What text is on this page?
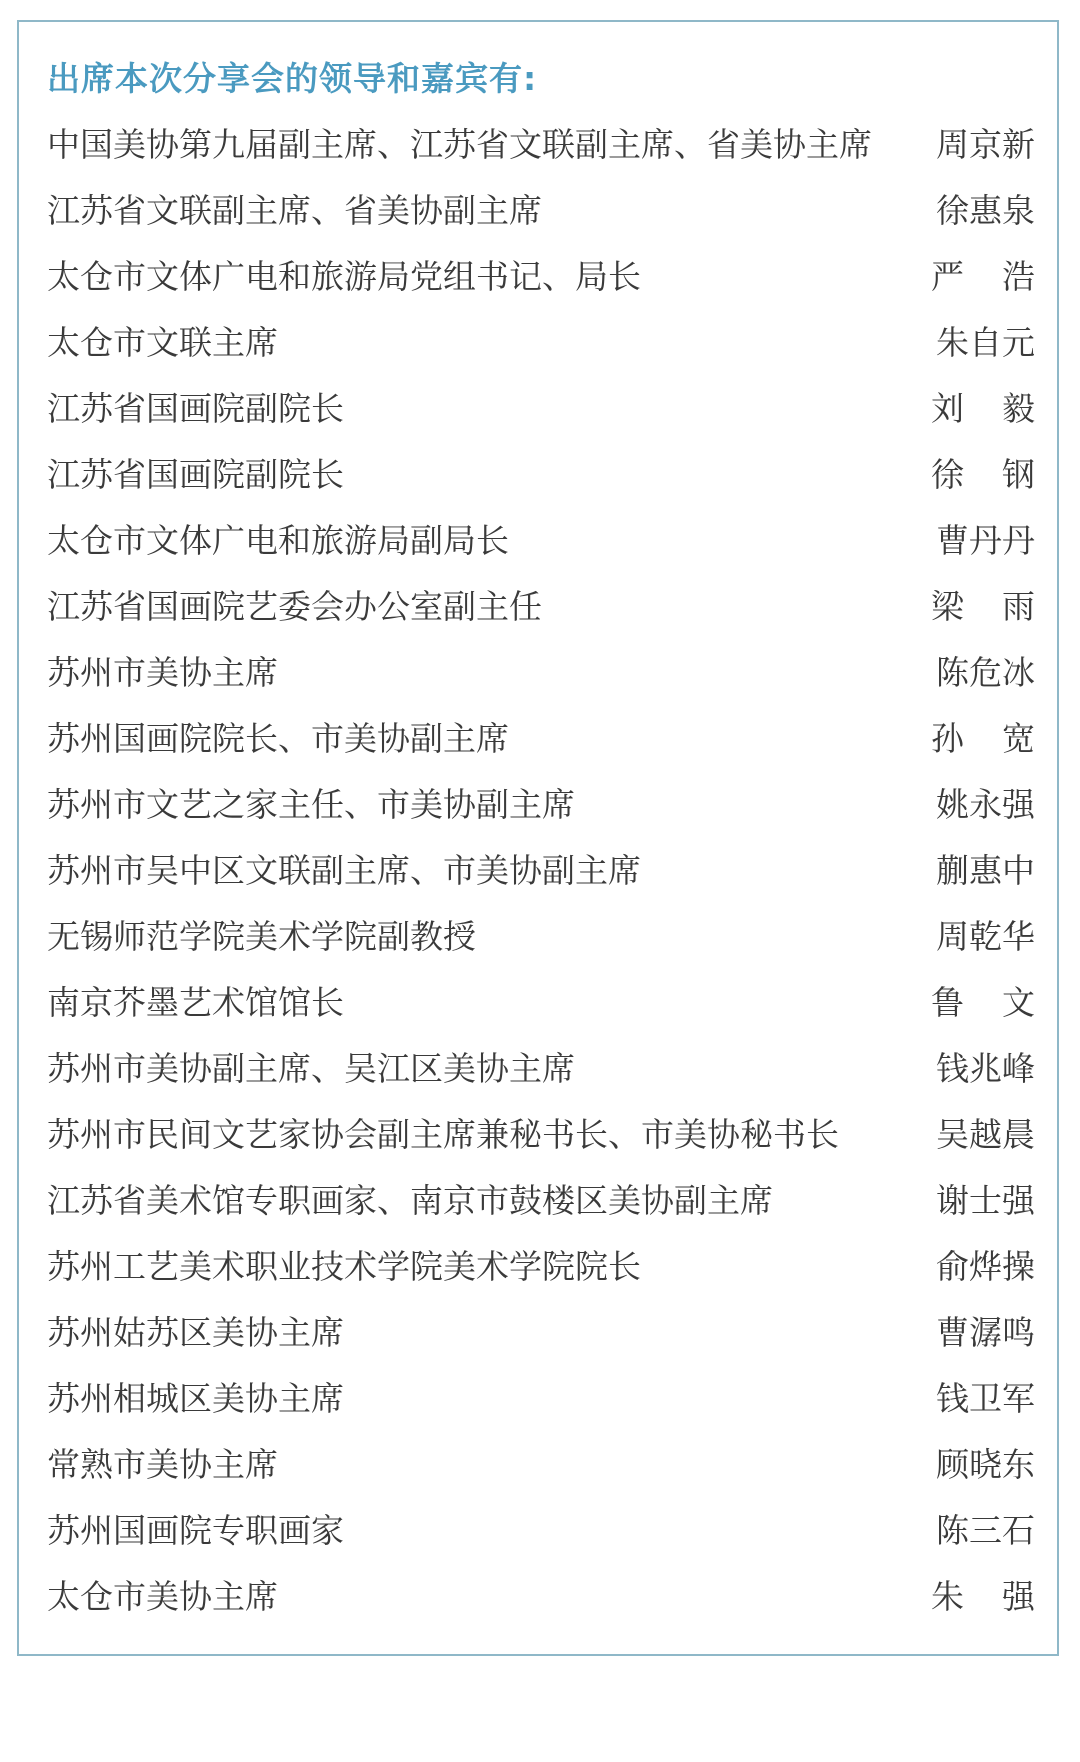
出席本次分享会的领导和嘉宾有:
中国美协第九届副主席、江苏省文联副主席、省美协主席 周京新
江苏省文联副主席、省美协副主席	徐惠泉
太仓市文体广电和旅游局党组书记、局长	严 浩
太仓市文联主席	朱自元
江苏省国画院副院长	刘 毅
江苏省国画院副院长	徐 钢
太仓市文体广电和旅游局副局长	曹丹丹
江苏省国画院艺委会办公室副主任	梁 雨
苏州市美协主席	陈危冰
苏州国画院院长、市美协副主席	孙 宽
苏州市文艺之家主任、市美协副主席	姚永强
苏州市吴中区文联副主席、市美协副主席	蒯惠中
无锡师范学院美术学院副教授	周乾华
南京芥墨艺术馆馆长	鲁 文
苏州市美协副主席、吴江区美协主席	钱兆峰
苏州市民间文艺家协会副主席兼秘书长、市美协秘书长	吴越晨
江苏省美术馆专职画家、南京市鼓楼区美协副主席	谢士强
苏州工艺美术职业技术学院美术学院院长	俞烨操
苏州姑苏区美协主席	曹潺鸣
苏州相城区美协主席	钱卫军
常熟市美协主席	顾晓东
苏州国画院专职画家	陈三石
太仓市美协主席	朱 强
